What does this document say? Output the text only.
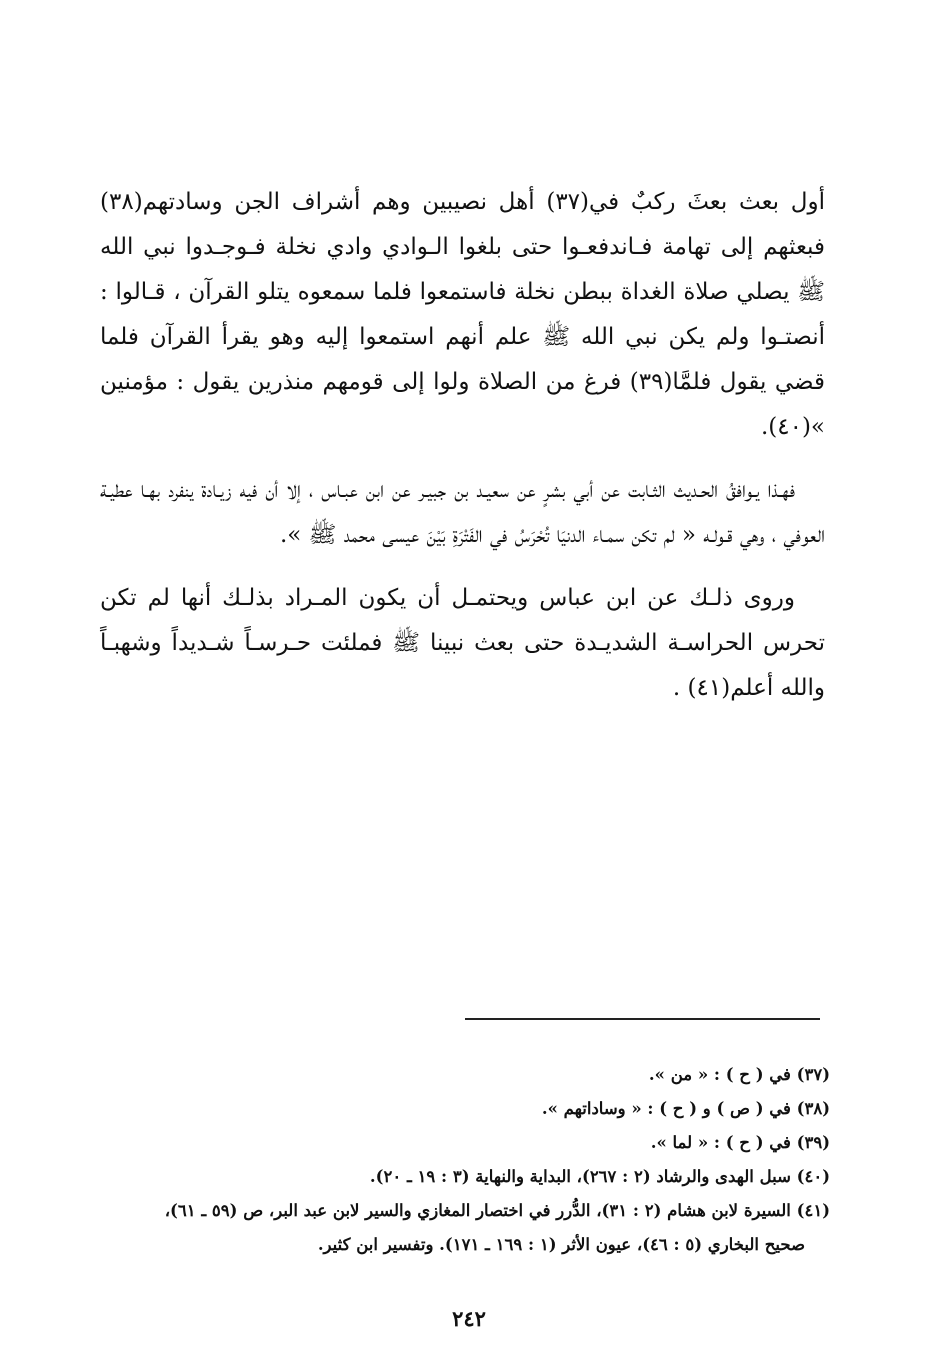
أول بعث بعثَ ركبٌ في(٣٧) أهل نصيبين وهم أشراف الجن وسادتهم(٣٨) فبعثهم إلى تهامة فـاندفعـوا حتى بلغوا الـوادي وادي نخلة فـوجـدوا نبي الله ﷺ يصلي صلاة الغداة ببطن نخلة فاستمعوا فلما سمعوه يتلو القرآن ، قـالوا : أنصتـوا ولم يكن نبي الله ﷺ علم أنهم استمعوا إليه وهو يقرأ القرآن فلما قضي يقول فلمَّا(٣٩) فرغ من الصلاة ولوا إلى قومهم منذرين يقول : مؤمنين »(٤٠).

فهـذا يـوافقُ الحـديث الثـابت عن أبي بشرٍ عن سعيـد بن جبيـر عن ابن عبـاس ، إلا أن فيه زيـادة ينفرد بهـا عطيـة العوفي ، وهي قـولـه « لم تكن سمـاء الدنيَا تُحْرَسُ في الفَتْرَةِ بَيْنَ عيسى محمد ﷺ ».

وروى ذلـك عن ابن عباس ويحتمـل أن يكون المـراد بذلـك أنها لم تكن تحرس الحراسـة الشديـدة حتى بعث نبينا ﷺ فملئت حـرسـاً شـديداً وشهبـاً والله أعلم(٤١) .

(٣٧) في ( ح ) : « من ».

(٣٨) في ( ص ) و ( ح ) : « وساداتهم ».

(٣٩) في ( ح ) : « لما ».

(٤٠) سبل الهدى والرشاد (٢ : ٢٦٧)، البداية والنهاية (٣ : ١٩ ـ ٢٠).

(٤١) السيرة لابن هشام (٢ : ٣١)، الدُّرر في اختصار المغازي والسير لابن عبد البر، ص (٥٩ ـ ٦١)،
صحيح البخاري (٥ : ٤٦)، عيون الأثر (١ : ١٦٩ ـ ١٧١). وتفسير ابن كثير.

٢٤٢
